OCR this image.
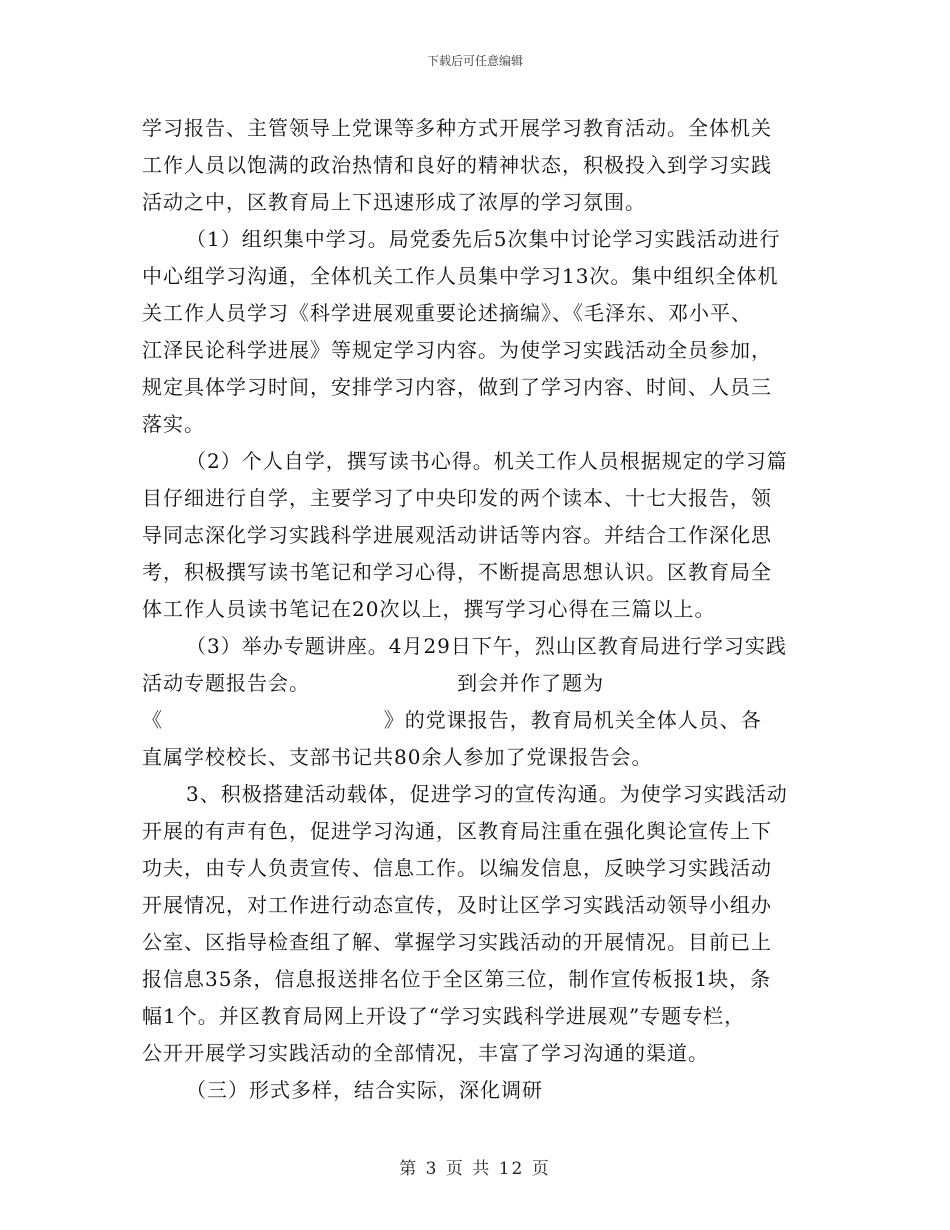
下载后可任意编辑
学习报告、主管领导上党课等多种方式开展学习教育活动。全体机关
工作人员以饱满的政治热情和良好的精神状态，积极投入到学习实践
活动之中，区教育局上下迅速形成了浓厚的学习氛围。
（1）组织集中学习。局党委先后5次集中讨论学习实践活动进行
中心组学习沟通，全体机关工作人员集中学习13次。集中组织全体机
关工作人员学习《科学进展观重要论述摘编》、《毛泽东、邓小平、
江泽民论科学进展》等规定学习内容。为使学习实践活动全员参加，
规定具体学习时间，安排学习内容，做到了学习内容、时间、人员三
落实。
（2）个人自学，撰写读书心得。机关工作人员根据规定的学习篇
目仔细进行自学，主要学习了中央印发的两个读本、十七大报告，领
导同志深化学习实践科学进展观活动讲话等内容。并结合工作深化思
考，积极撰写读书笔记和学习心得，不断提高思想认识。区教育局全
体工作人员读书笔记在20次以上，撰写学习心得在三篇以上。
（3）举办专题讲座。4月29日下午，烈山区教育局进行学习实践
活动专题报告会。                    到会并作了题为
《                              》的党课报告，教育局机关全体人员、各
直属学校校长、支部书记共80余人参加了党课报告会。
3、积极搭建活动载体，促进学习的宣传沟通。为使学习实践活动
开展的有声有色，促进学习沟通，区教育局注重在强化舆论宣传上下
功夫，由专人负责宣传、信息工作。以编发信息，反映学习实践活动
开展情况，对工作进行动态宣传，及时让区学习实践活动领导小组办
公室、区指导检查组了解、掌握学习实践活动的开展情况。目前已上
报信息35条，信息报送排名位于全区第三位，制作宣传板报1块，条
幅1个。并区教育局网上开设了“学习实践科学进展观”专题专栏，
公开开展学习实践活动的全部情况，丰富了学习沟通的渠道。
（三）形式多样，结合实际，深化调研
第 3 页 共 12 页
